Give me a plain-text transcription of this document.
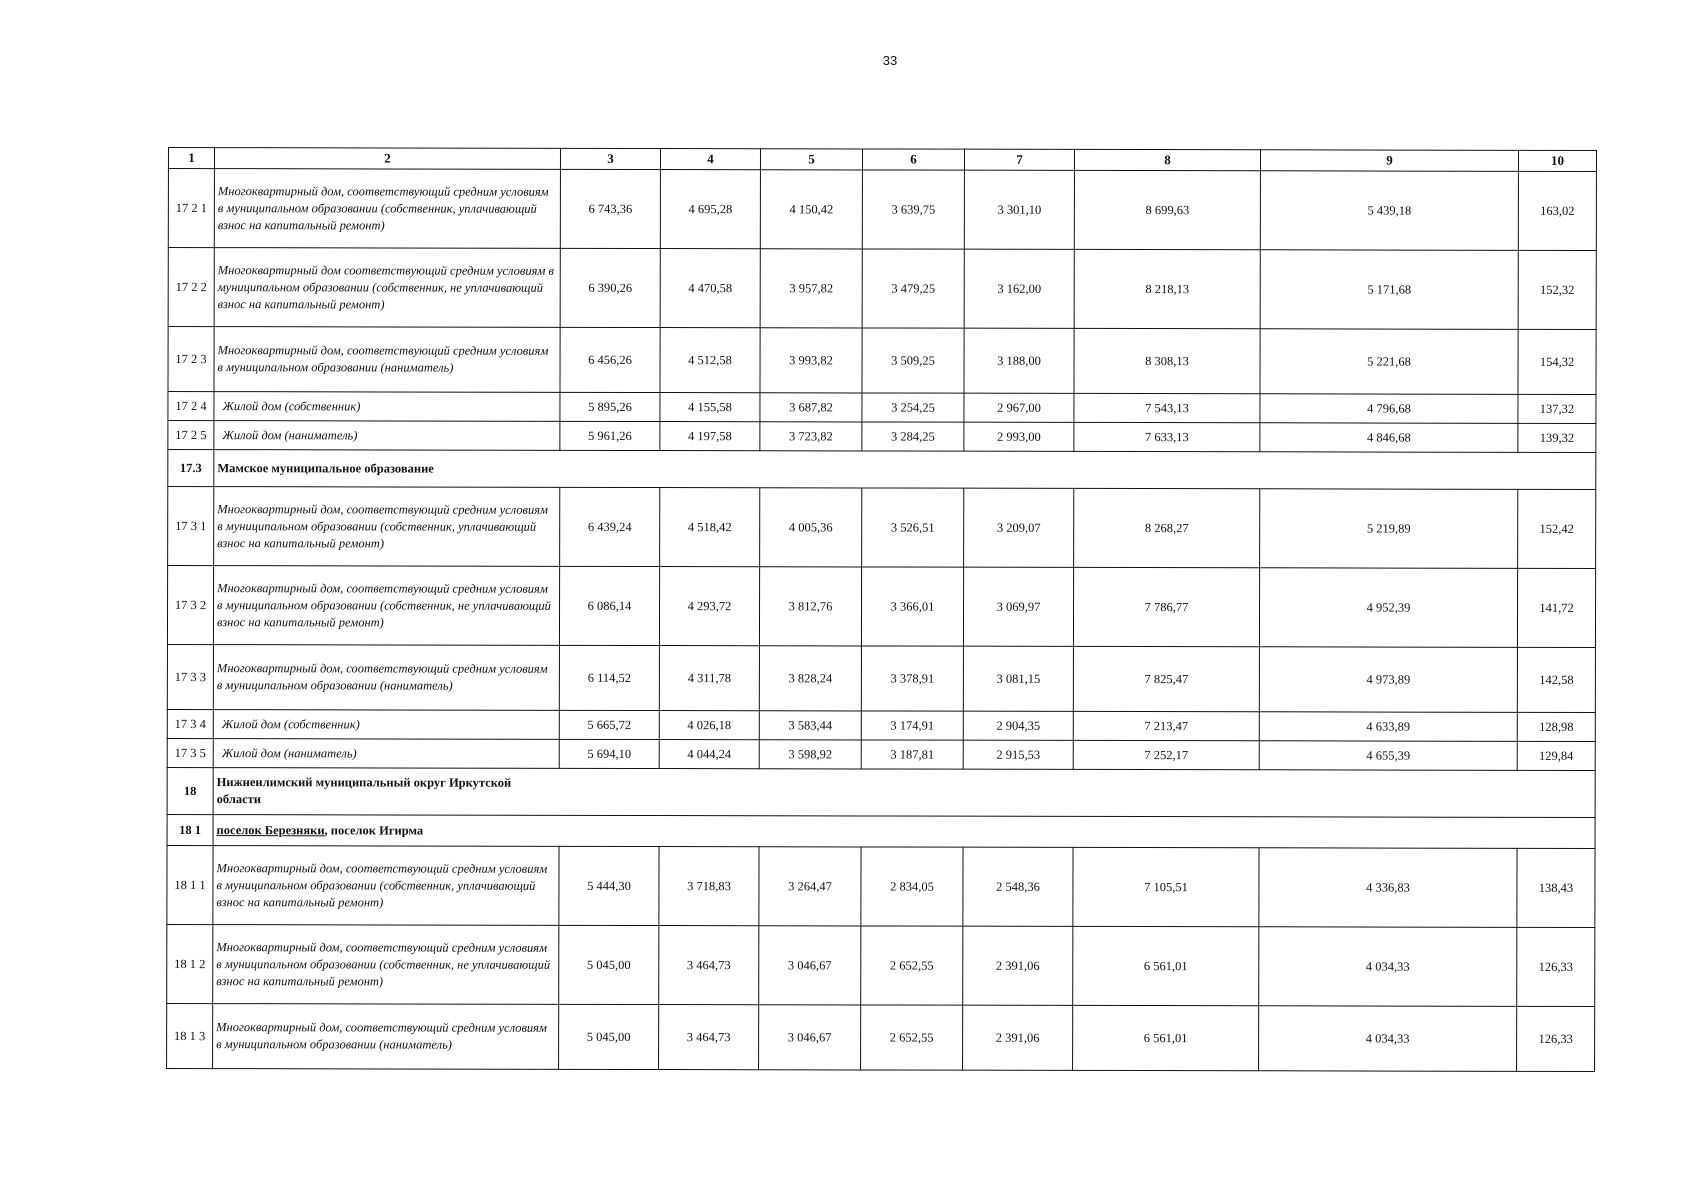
33
1	2	3	4	5	6	7	8	9	10
17 2 1	Многоквартирный дом, соответствующий средним условиям в муниципальном образовании (собственник, уплачивающий взнос на капитальный ремонт)	6 743,36	4 695,28	4 150,42	3 639,75	3 301,10	8 699,63	5 439,18	163,02
17 2 2	Многоквартирный дом соответствующий средним условиям в муниципальном образовании (собственник, не уплачивающий взнос на капитальный ремонт)	6 390,26	4 470,58	3 957,82	3 479,25	3 162,00	8 218,13	5 171,68	152,32
17 2 3	Многоквартирный дом, соответствующий средним условиям в муниципальном образовании (наниматель)	6 456,26	4 512,58	3 993,82	3 509,25	3 188,00	8 308,13	5 221,68	154,32
17 2 4	Жилой дом (собственник)	5 895,26	4 155,58	3 687,82	3 254,25	2 967,00	7 543,13	4 796,68	137,32
17 2 5	Жилой дом (наниматель)	5 961,26	4 197,58	3 723,82	3 284,25	2 993,00	7 633,13	4 846,68	139,32
17.3	Мамское муниципальное образование								
17 3 1	Многоквартирный дом, соответствующий средним условиям в муниципальном образовании (собственник, уплачивающий взнос на капитальный ремонт)	6 439,24	4 518,42	4 005,36	3 526,51	3 209,07	8 268,27	5 219,89	152,42
17 3 2	Многоквартирный дом, соответствующий средним условиям в муниципальном образовании (собственник, не уплачивающий взнос на капитальный ремонт)	6 086,14	4 293,72	3 812,76	3 366,01	3 069,97	7 786,77	4 952,39	141,72
17 3 3	Многоквартирный дом, соответствующий средним условиям в муниципальном образовании (наниматель)	6 114,52	4 311,78	3 828,24	3 378,91	3 081,15	7 825,47	4 973,89	142,58
17 3 4	Жилой дом (собственник)	5 665,72	4 026,18	3 583,44	3 174,91	2 904,35	7 213,47	4 633,89	128,98
17 3 5	Жилой дом (наниматель)	5 694,10	4 044,24	3 598,92	3 187,81	2 915,53	7 252,17	4 655,39	129,84
18	Нижнеилимский муниципальный округ Иркутской области								
18 1	поселок Березняки, поселок Игирма								
18 1 1	Многоквартирный дом, соответствующий средним условиям в муниципальном образовании (собственник, уплачивающий взнос на капитальный ремонт)	5 444,30	3 718,83	3 264,47	2 834,05	2 548,36	7 105,51	4 336,83	138,43
18 1 2	Многоквартирный дом, соответствующий средним условиям в муниципальном образовании (собственник, не уплачивающий взнос на капитальный ремонт)	5 045,00	3 464,73	3 046,67	2 652,55	2 391,06	6 561,01	4 034,33	126,33
18 1 3	Многоквартирный дом, соответствующий средним условиям в муниципальном образовании (наниматель)	5 045,00	3 464,73	3 046,67	2 652,55	2 391,06	6 561,01	4 034,33	126,33
